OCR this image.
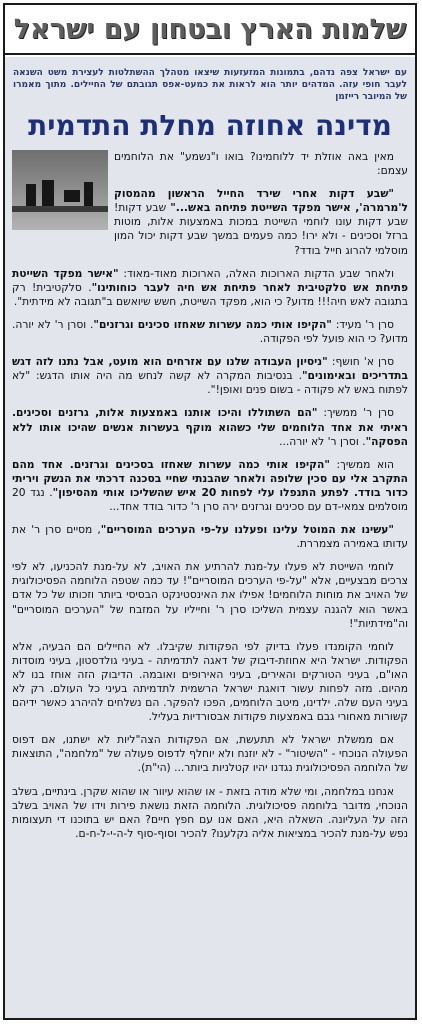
שלמות הארץ ובטחון עם ישראל
עם ישראל צפה נדהם, בתמונות המזעזעות שיצאו מטהלך ההשתלטות לעצירת משט השנאה לעבר חופי עזה. המדהים יותר הוא לראות את כמעט-אפס תגובתם של החיילים. מתוך מאמרו של המיובר רייזמן
מדינה אחוזה מחלת התדמית

מאין באה אוזלת יד ללוחמינו? בואו ו"נשמע" את הלוחמים עצמם:

"שבע דקות אחרי שירד החייל הראשון מהמסוק ל'מרמרה', אישר מפקד השייטת פתיחה באש..." שבע דקות! שבע דקות עונו לוחמי השייטת במכות באמצעות אלות, מוטות ברזל וסכינים - ולא ירו! כמה פעמים במשך שבע דקות יכול המון מוסלמי להרוג חייל בודד?

ולאחר שבע הדקות הארוכות האלה, הארוכות מאוד-מאוד: "אישר מפקד השייטת פתיחת אש סלקטיבית לאחר פתיחת אש חיה לעבר כוחותינו". סלקטיבית! רק בתגובה לאש חיה!!! מדוע? כי הוא, מפקד השייטת, חשש שיואשם ב"תגובה לא מידתית".

סרן ר' מעיד: "הקיפו אותי כמה עשרות שאחזו סכינים וגרזנים". וסרן ר' לא יורה. מדוע? כי הוא פועל לפי הפקודה.

סרן א' חושף: "ניסיון העבודה שלנו עם אזרחים הוא מועט, אבל נתנו לזה דגש בתדריכים ובאימונים". בנסיבות המקרה לא קשה לנחש מה היה אותו הדגש: "לא לפתוח באש לא פקודה - בשום פנים ואופן!".

סרן ר' ממשיך: "הם השתוללו והיכו אותנו באמצעות אלות, גרזנים וסכינים. ראיתי את אחד הלוחמים שלי כשהוא מוקף בעשרות אנשים שהיכו אותו ללא הפסקה". וסרן ר' לא יורה...

הוא ממשיך: "הקיפו אותי כמה עשרות שאחזו בסכינים וגרזנים. אחד מהם התקרב אלי עם סכין שלופה ולאחר שהבנתי שחיי בסכנה דרכתי את הנשק ויריתי כדור בודד. לפתע התנפלו עלי לפחות 20 איש שהשליכו אותי מהסיפון". נגד 20 מוסלמים צמאי-דם עם סכינים וגרזנים ירה סרן ר' כדור בודד אחד...

"עשינו את המוטל עלינו ופעלנו על-פי הערכים המוסריים", מסיים סרן ר' את עדותו באמירה מצמררת.

לוחמי השייטת לא פעלו על-מנת להרתיע את האויב, לא על-מנת להכניעו, לא לפי צרכים מבצעיים, אלא "על-פי הערכים המוסריים"! עד כמה שטפה הלוחמה הפסיכולוגית של האויב את מוחות הלוחמים! אפילו את האינסטינקט הבסיסי ביותר וזכותו של כל אדם באשר הוא להגנה עצמית השליכו סרן ר' וחייליו על המזבח של "הערכים המוסריים" וה"מידתיות"!

לוחמי הקומנדו פעלו בדיוק לפי הפקודות שקיבלו. לא החיילים הם הבעיה, אלא הפקודות. ישראל היא אחוזת-דיבוק של דאגה לתדמיתה - בעיני גולדסטון, בעיני מוסדות האו"ם, בעיני הטורקים והאירים, בעיני האירופים ואובמה. הדיבוק הזה אוחז בנו לא מהיום. מזה לפחות עשור דואגת ישראל הרשמית לתדמיתה בעיני כל העולם. רק לא בעיני העם שלה. ילדינו, מיטב הלוחמים, הפכו להפקר. הם נשלחים להיהרג כאשר ידיהם קשורות מאחורי גבם באמצעות פקודות אבסורדיות בעליל.

אם ממשלת ישראל לא תתעשת, אם הפקודות הצה"ליות לא ישתנו, אם דפוס הפעולה הנוכחי - "השיטור" - לא יוזנח ולא יוחלף לדפוס פעולה של "מלחמה", התוצאות של הלוחמה הפסיכולוגית נגדנו יהיו קטלניות ביותר... (הי"ת).

אנחנו במלחמה, ומי שלא מודה בזאת - או שהוא עיוור או שהוא שקרן. בינתיים, בשלב הנוכחי, מדובר בלוחמה פסיכולוגית. הלוחמה הזאת נושאת פירות וידו של האויב בשלב הזה על העליונה. השאלה היא, האם אנו עם חפץ חיים? האם יש בתוכנו די תעצומות נפש על-מנת להכיר במציאות אליה נקלענו? להכיר וסוף-סוף ל-ה-י-ל-ח-ם.
